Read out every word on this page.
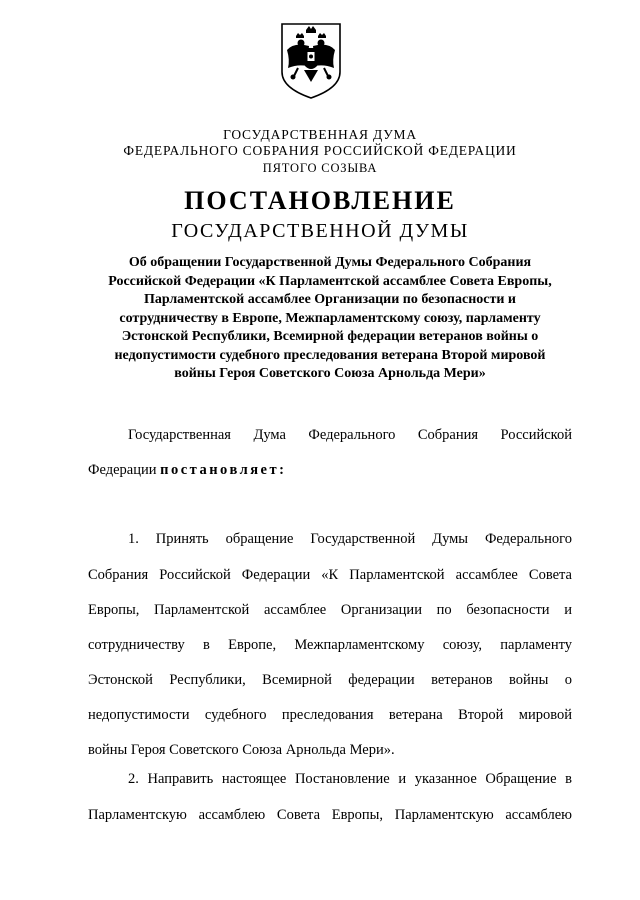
ГОСУДАРСТВЕННАЯ ДУМА
ФЕДЕРАЛЬНОГО СОБРАНИЯ РОССИЙСКОЙ ФЕДЕРАЦИИ
ПЯТОГО СОЗЫВА
ПОСТАНОВЛЕНИЕ
ГОСУДАРСТВЕННОЙ ДУМЫ
Об обращении Государственной Думы Федерального Собрания
Российской Федерации «К Парламентской ассамблее Совета Европы,
Парламентской ассамблее Организации по безопасности и
сотрудничеству в Европе, Межпарламентскому союзу, парламенту
Эстонской Республики, Всемирной федерации ветеранов войны о
недопустимости судебного преследования ветерана Второй мировой
войны Героя Советского Союза Арнольда Мери»
Государственная Дума Федерального Собрания Российской
Федерации постановляет:
1. Принять обращение Государственной Думы Федерального
Собрания Российской Федерации «К Парламентской ассамблее Совета
Европы, Парламентской ассамблее Организации по безопасности и
сотрудничеству в Европе, Межпарламентскому союзу, парламенту
Эстонской Республики, Всемирной федерации ветеранов войны о
недопустимости судебного преследования ветерана Второй мировой
войны Героя Советского Союза Арнольда Мери».
2. Направить настоящее Постановление и указанное Обращение в
Парламентскую ассамблею Совета Европы, Парламентскую ассамблею
